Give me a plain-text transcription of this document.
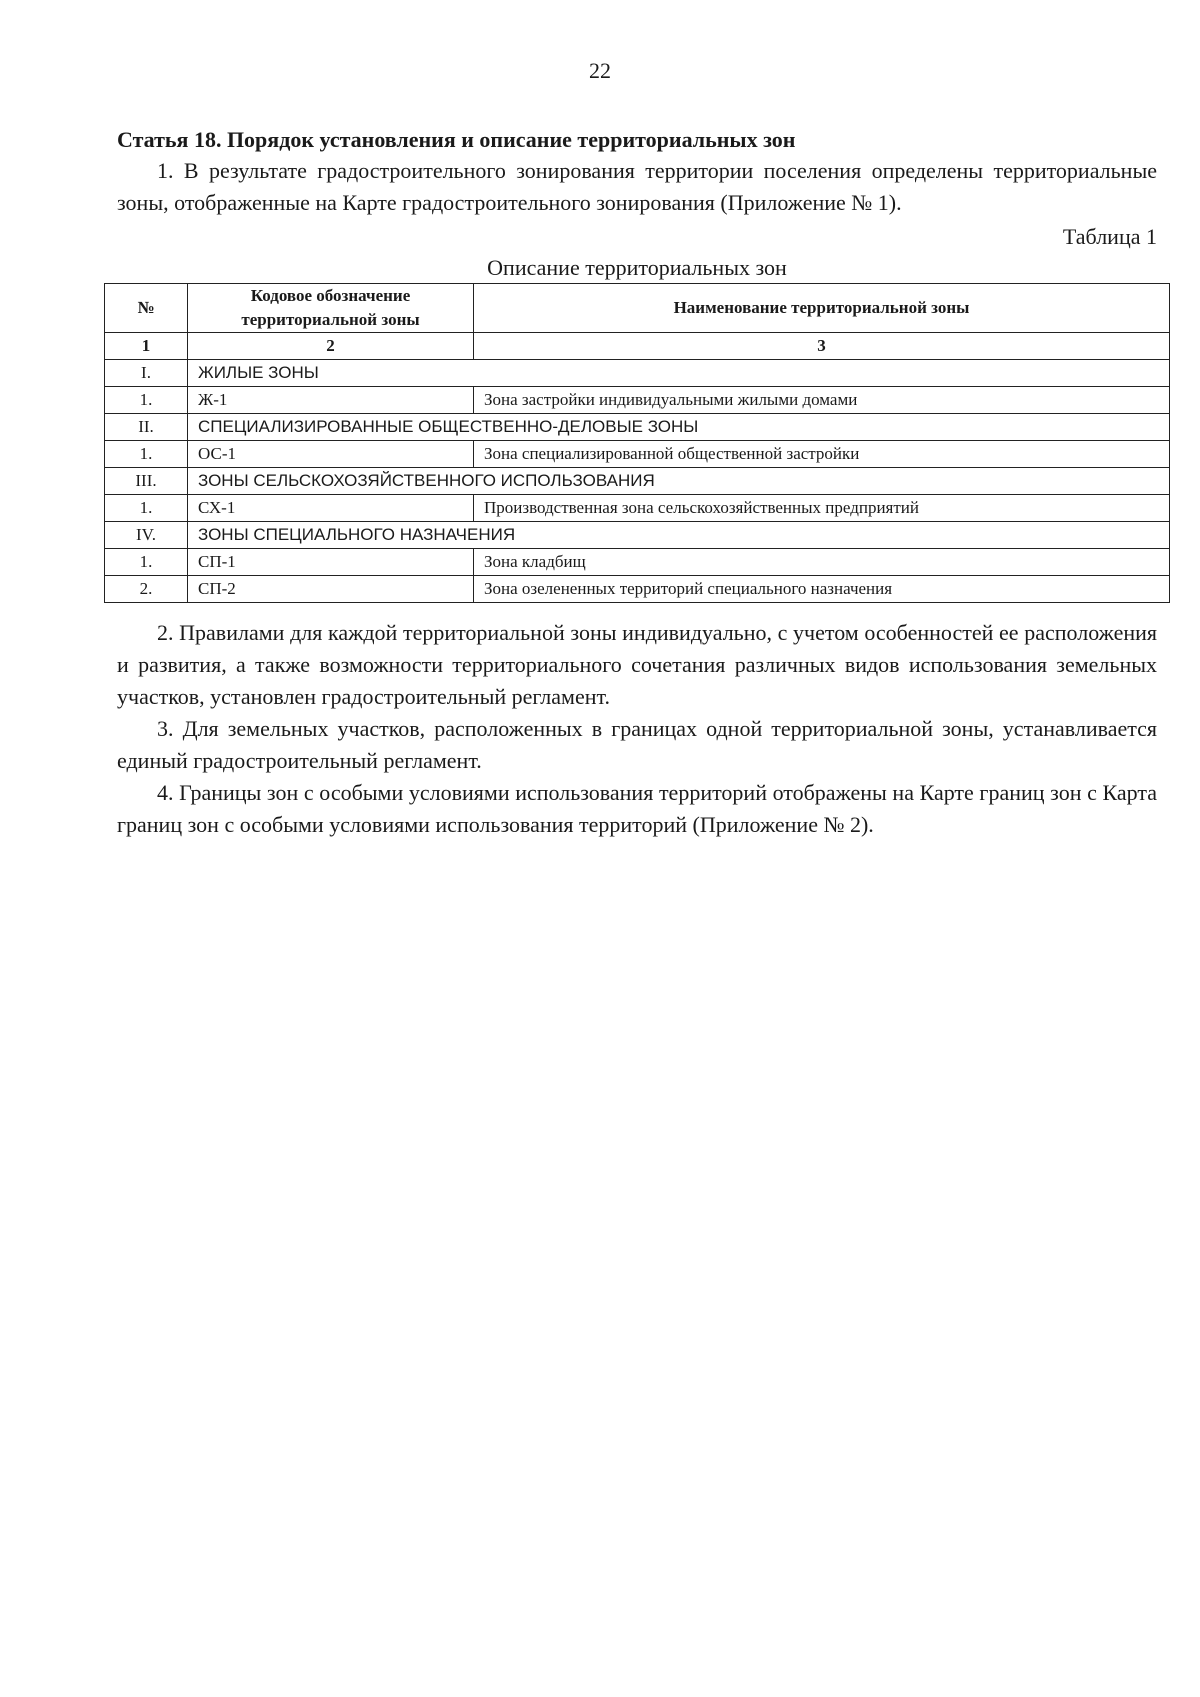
22

Статья 18. Порядок установления и описание территориальных зон

1. В результате градостроительного зонирования территории поселения определены территориальные зоны, отображенные на Карте градостроительного зонирования (Приложение № 1).

Таблица 1
Описание территориальных зон
№	Кодовое обозначение территориальной зоны	Наименование территориальной зоны
1	2	3
I.	ЖИЛЫЕ ЗОНЫ	
1.	Ж-1	Зона застройки индивидуальными жилыми домами
II.	СПЕЦИАЛИЗИРОВАННЫЕ ОБЩЕСТВЕННО-ДЕЛОВЫЕ ЗОНЫ	
1.	ОС-1	Зона специализированной общественной застройки
III.	ЗОНЫ СЕЛЬСКОХОЗЯЙСТВЕННОГО ИСПОЛЬЗОВАНИЯ	
1.	СХ-1	Производственная зона сельскохозяйственных предприятий
IV.	ЗОНЫ СПЕЦИАЛЬНОГО НАЗНАЧЕНИЯ	
1.	СП-1	Зона кладбищ
2.	СП-2	Зона озелененных территорий специального назначения

2. Правилами для каждой территориальной зоны индивидуально, с учетом особенностей ее расположения и развития, а также возможности территориального сочетания различных видов использования земельных участков, установлен градостроительный регламент.

3. Для земельных участков, расположенных в границах одной территориальной зоны, устанавливается единый градостроительный регламент.

4. Границы зон с особыми условиями использования территорий отображены на Карте границ зон с Карта границ зон с особыми условиями использования территорий (Приложение № 2).
